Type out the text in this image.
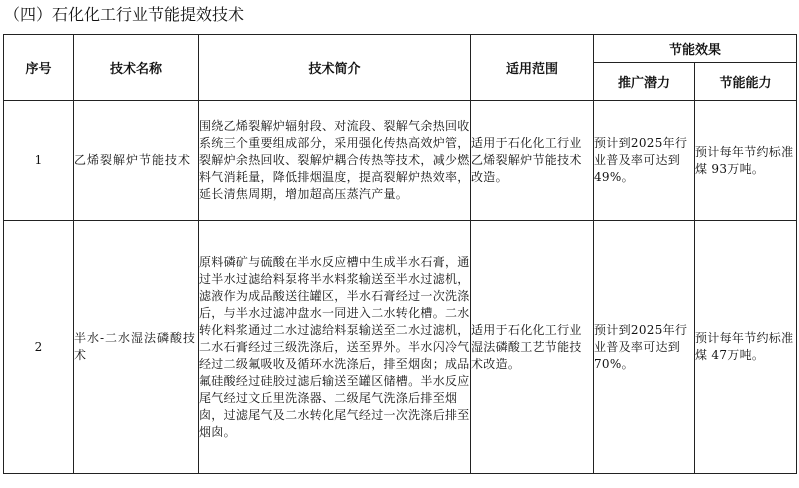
（四）石化化工行业节能提效技术
序号	技术名称	技术简介	适用范围	节能效果	
				推广潜力	节能能力
1	乙烯裂解炉节能技术	围绕乙烯裂解炉辐射段、对流段、裂解气余热回收系统三个重要组成部分，采用强化传热高效炉管，裂解炉余热回收、裂解炉耦合传热等技术，减少燃料气消耗量，降低排烟温度，提高裂解炉热效率，延长清焦周期，增加超高压蒸汽产量。	适用于石化化工行业乙烯裂解炉节能技术改造。	预计到2025年行业普及率可达到49%。	预计每年节约标准煤 93万吨。
2	半水-二水湿法磷酸技术	原料磷矿与硫酸在半水反应槽中生成半水石膏，通过半水过滤给料泵将半水料浆输送至半水过滤机，滤液作为成品酸送往罐区，半水石膏经过一次洗涤后，与半水过滤冲盘水一同进入二水转化槽。二水转化料浆通过二水过滤给料泵输送至二水过滤机，二水石膏经过三级洗涤后，送至界外。半水闪冷气经过二级氟吸收及循环水洗涤后，排至烟囱；成品氟硅酸经过硅胶过滤后输送至罐区储槽。半水反应尾气经过文丘里洗涤器、二级尾气洗涤后排至烟囱，过滤尾气及二水转化尾气经过一次洗涤后排至烟囱。	适用于石化化工行业湿法磷酸工艺节能技术改造。	预计到2025年行业普及率可达到70%。	预计每年节约标准煤 47万吨。
